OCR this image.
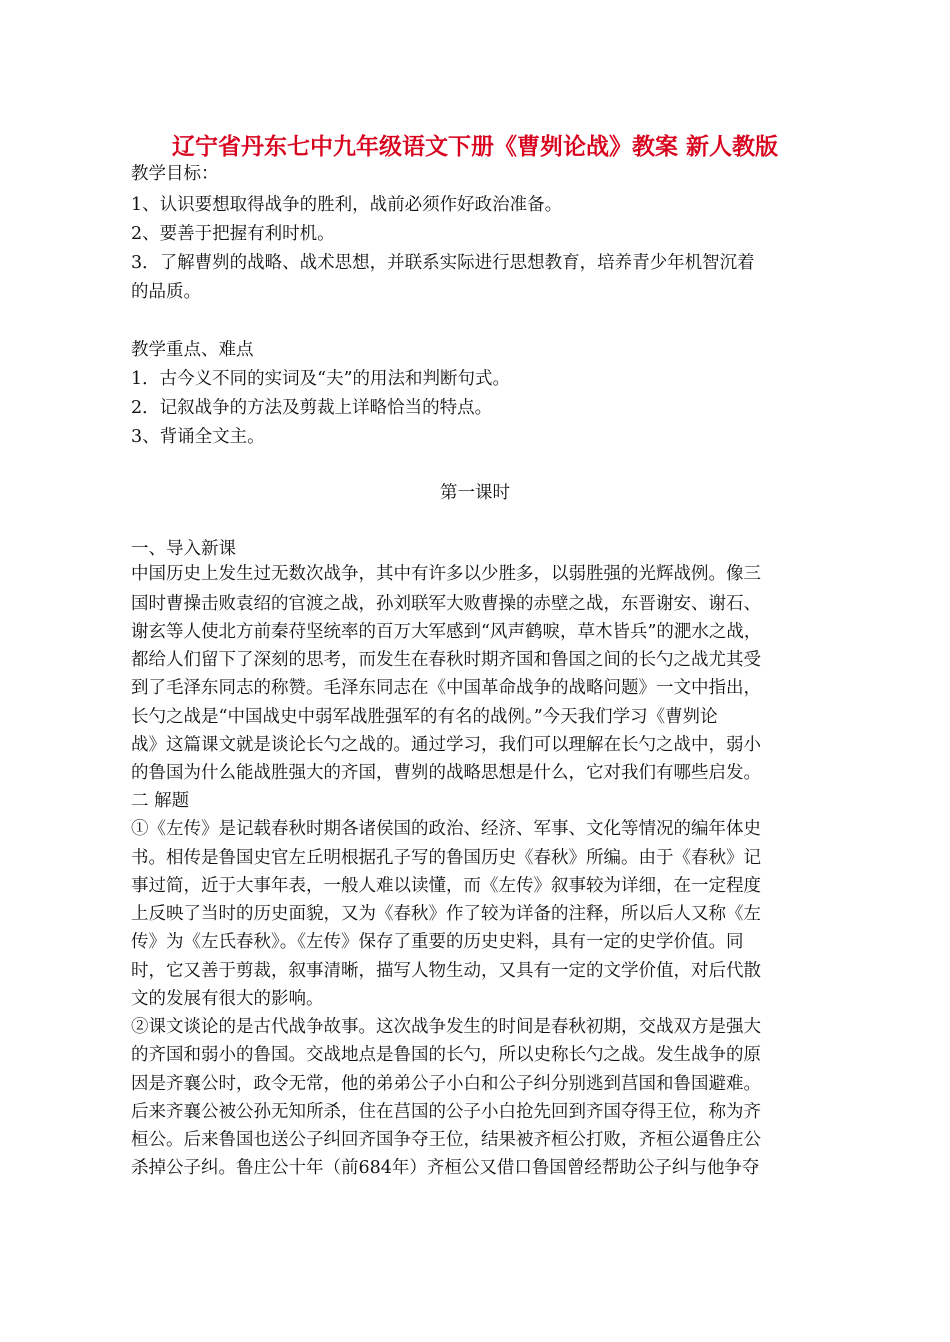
辽宁省丹东七中九年级语文下册《曹刿论战》教案 新人教版
教学目标：
1、认识要想取得战争的胜利，战前必须作好政治准备。
2、要善于把握有利时机。
3．了解曹刿的战略、战术思想，并联系实际进行思想教育，培养青少年机智沉着
的品质。
教学重点、难点
1．古今义不同的实词及“夫”的用法和判断句式。
2．记叙战争的方法及剪裁上详略恰当的特点。
3、背诵全文主。
第一课时
一、导入新课
中国历史上发生过无数次战争，其中有许多以少胜多，以弱胜强的光辉战例。像三
国时曹操击败袁绍的官渡之战，孙刘联军大败曹操的赤壁之战，东晋谢安、谢石、
谢玄等人使北方前秦苻坚统率的百万大军感到“风声鹤唳，草木皆兵”的淝水之战，
都给人们留下了深刻的思考，而发生在春秋时期齐国和鲁国之间的长勺之战尤其受
到了毛泽东同志的称赞。毛泽东同志在《中国革命战争的战略问题》一文中指出，
长勺之战是“中国战史中弱军战胜强军的有名的战例。”今天我们学习《曹刿论
战》这篇课文就是谈论长勺之战的。通过学习，我们可以理解在长勺之战中，弱小
的鲁国为什么能战胜强大的齐国，曹刿的战略思想是什么，它对我们有哪些启发。
二 解题
①《左传》是记载春秋时期各诸侯国的政治、经济、军事、文化等情况的编年体史
书。相传是鲁国史官左丘明根据孔子写的鲁国历史《春秋》所编。由于《春秋》记
事过简，近于大事年表，一般人难以读懂，而《左传》叙事较为详细，在一定程度
上反映了当时的历史面貌，又为《春秋》作了较为详备的注释，所以后人又称《左
传》为《左氏春秋》。《左传》保存了重要的历史史料，具有一定的史学价值。同
时，它又善于剪裁，叙事清晰，描写人物生动，又具有一定的文学价值，对后代散
文的发展有很大的影响。
②课文谈论的是古代战争故事。这次战争发生的时间是春秋初期，交战双方是强大
的齐国和弱小的鲁国。交战地点是鲁国的长勺，所以史称长勺之战。发生战争的原
因是齐襄公时，政令无常，他的弟弟公子小白和公子纠分别逃到莒国和鲁国避难。
后来齐襄公被公孙无知所杀，住在莒国的公子小白抢先回到齐国夺得王位，称为齐
桓公。后来鲁国也送公子纠回齐国争夺王位，结果被齐桓公打败，齐桓公逼鲁庄公
杀掉公子纠。鲁庄公十年（前684年）齐桓公又借口鲁国曾经帮助公子纠与他争夺
